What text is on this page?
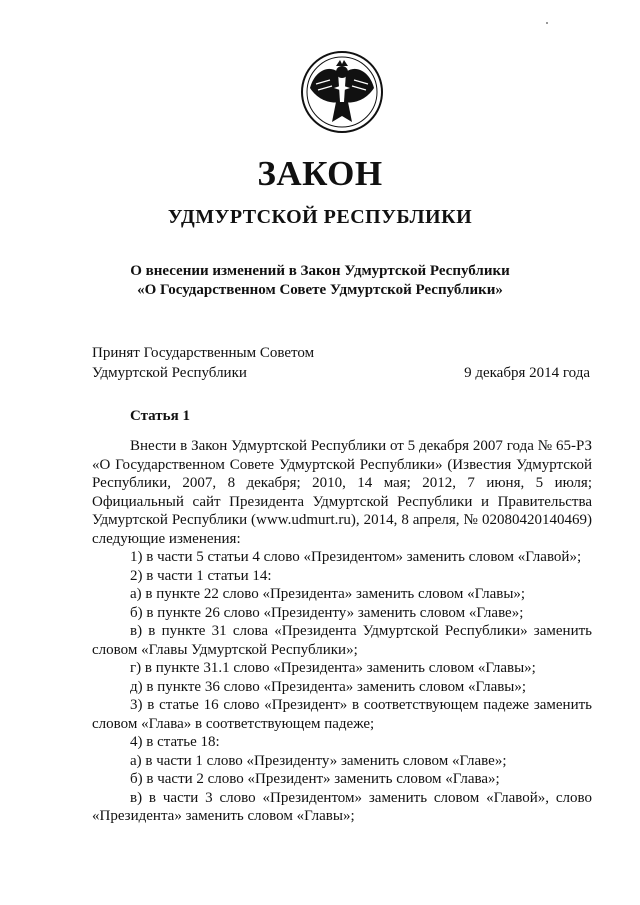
ЗАКОН
УДМУРТСКОЙ РЕСПУБЛИКИ
О внесении изменений в Закон Удмуртской Республики
«О Государственном Совете Удмуртской Республики»
Принят Государственным Советом
Удмуртской Республики	9 декабря 2014 года
Статья 1

Внести в Закон Удмуртской Республики от 5 декабря 2007 года № 65-РЗ «О Государственном Совете Удмуртской Республики» (Известия Удмуртской Республики, 2007, 8 декабря; 2010, 14 мая; 2012, 7 июня, 5 июля; Официальный сайт Президента Удмуртской Республики и Правительства Удмуртской Республики (www.udmurt.ru), 2014, 8 апреля, № 02080420140469) следующие изменения:

1) в части 5 статьи 4 слово «Президентом» заменить словом «Главой»;

2) в части 1 статьи 14:

а) в пункте 22 слово «Президента» заменить словом «Главы»;

б) в пункте 26 слово «Президенту» заменить словом «Главе»;

в) в пункте 31 слова «Президента Удмуртской Республики» заменить словом «Главы Удмуртской Республики»;

г) в пункте 31.1 слово «Президента» заменить словом «Главы»;

д) в пункте 36 слово «Президента» заменить словом «Главы»;

3) в статье 16 слово «Президент» в соответствующем падеже заменить словом «Глава» в соответствующем падеже;

4) в статье 18:

а) в части 1 слово «Президенту» заменить словом «Главе»;

б) в части 2 слово «Президент» заменить словом «Глава»;

в) в части 3 слово «Президентом» заменить словом «Главой», слово «Президента» заменить словом «Главы»;
